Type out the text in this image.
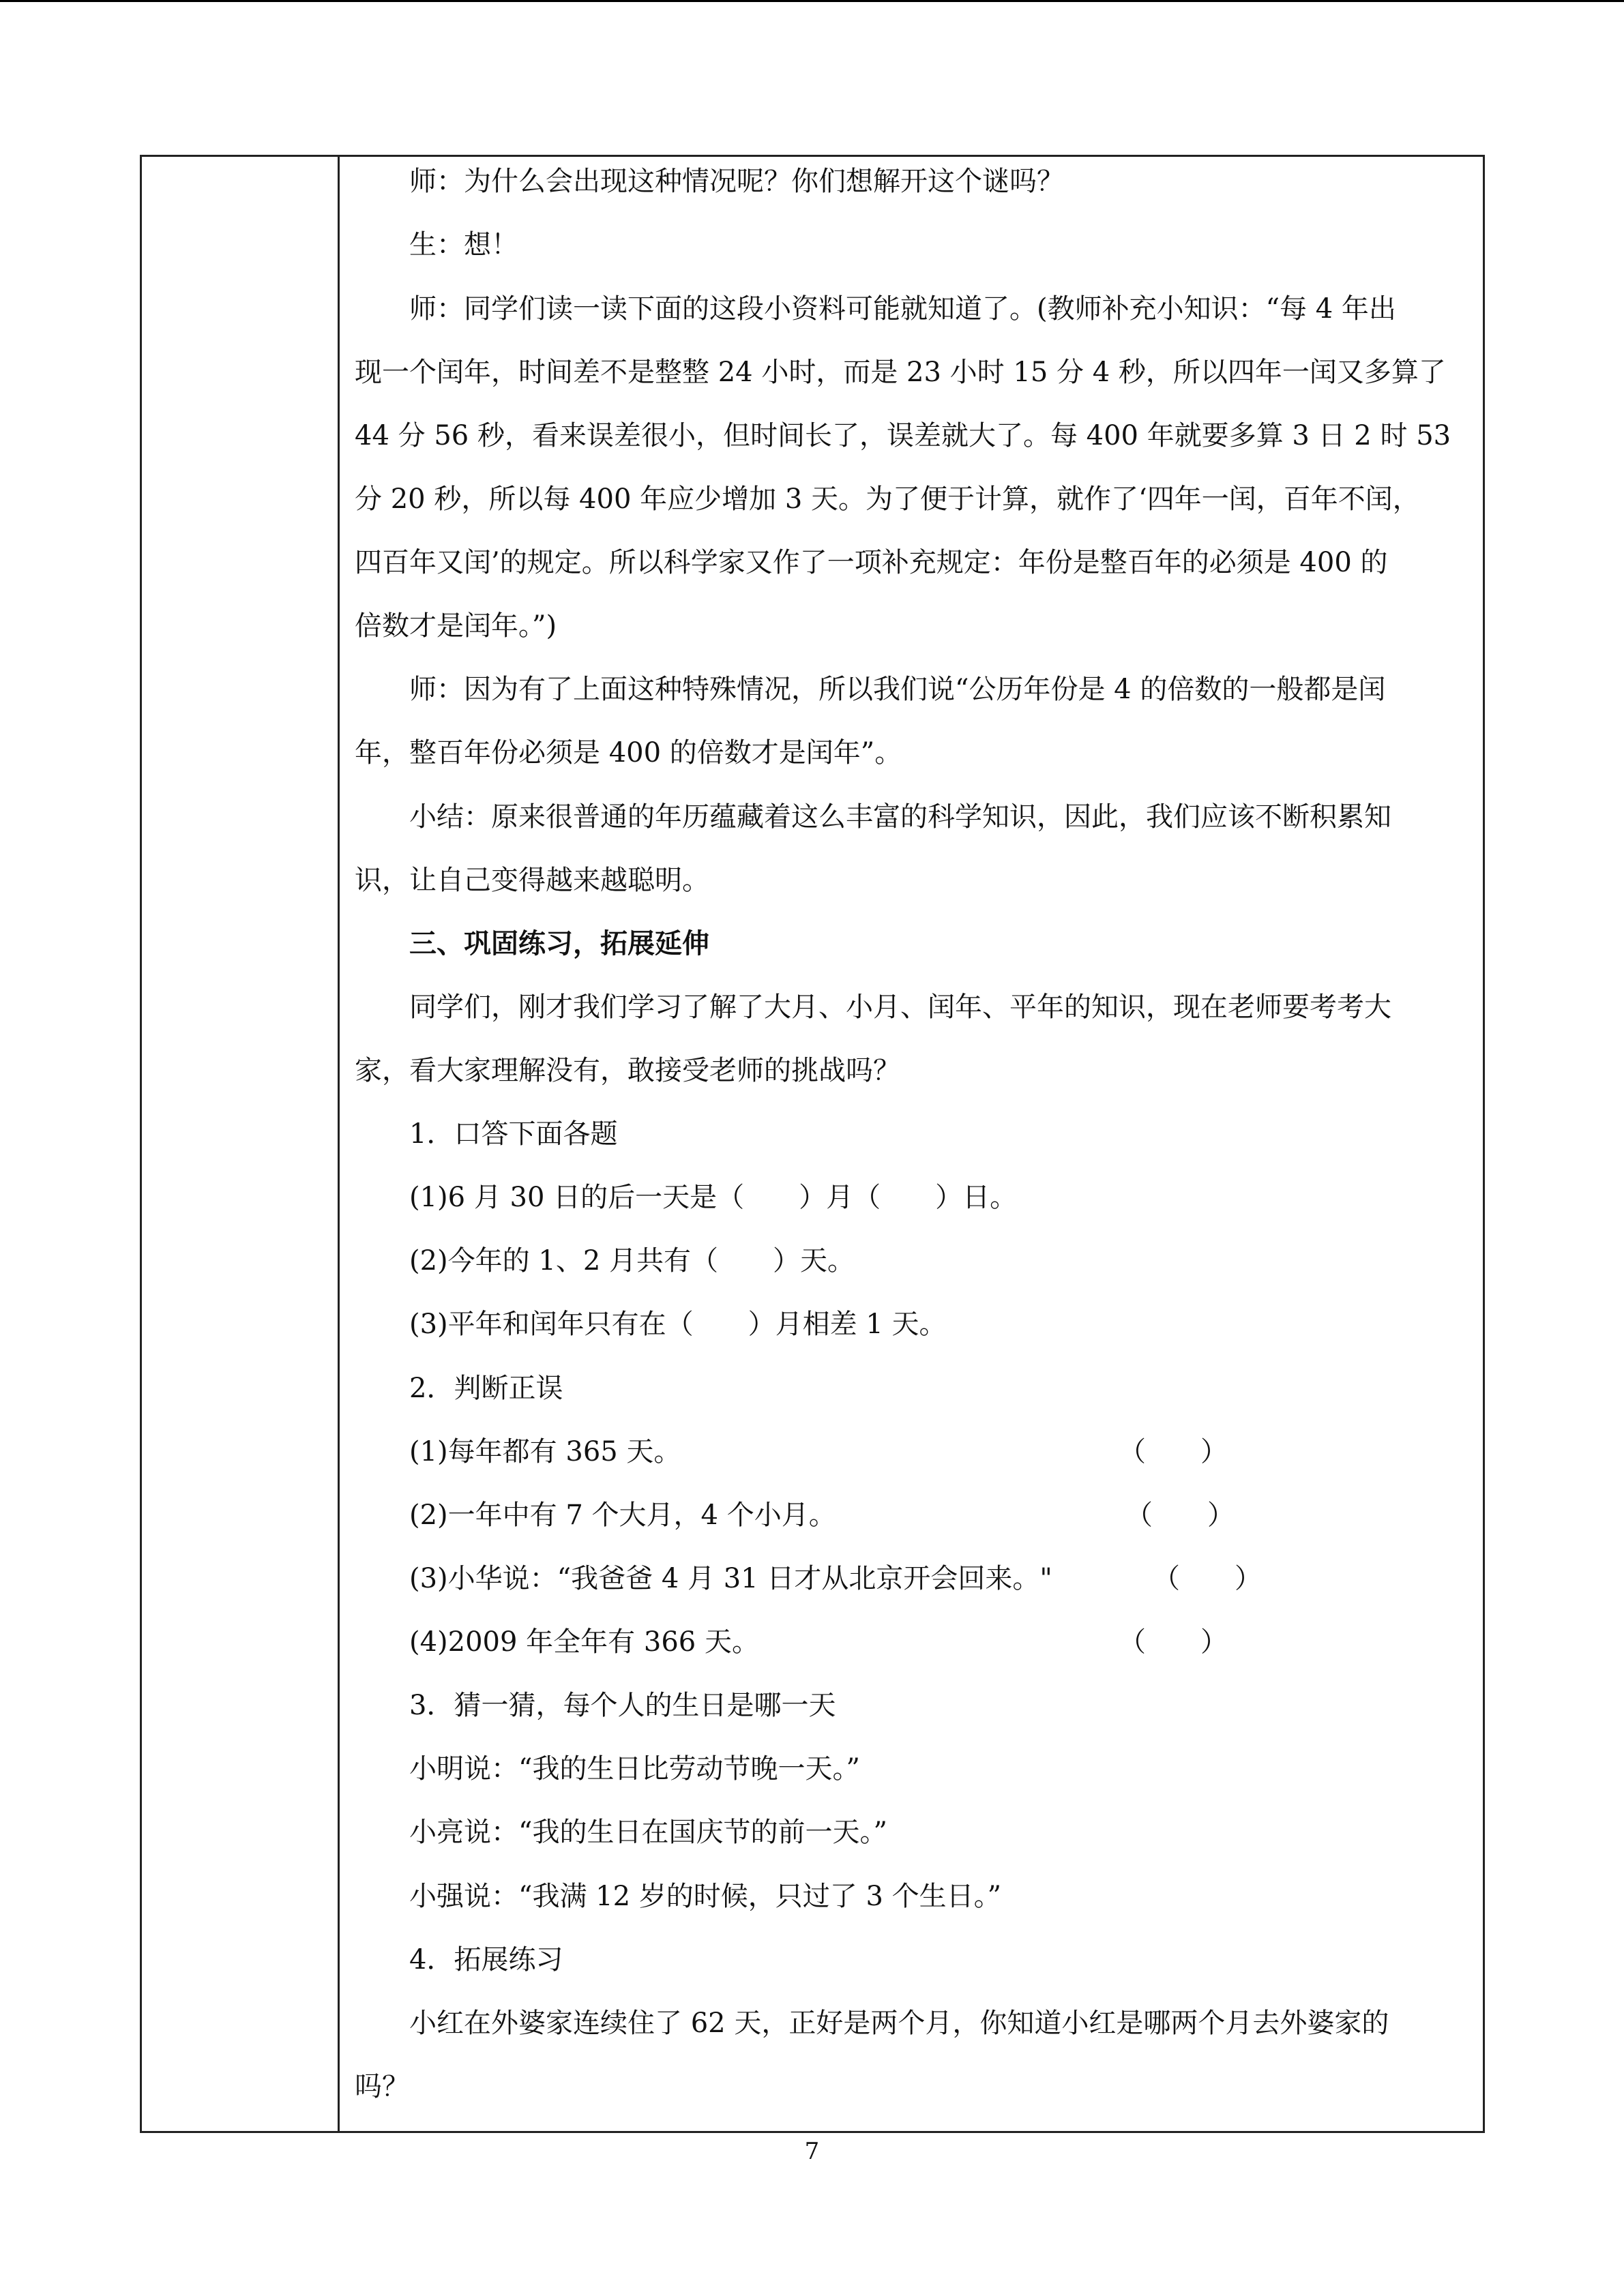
师：为什么会出现这种情况呢？你们想解开这个谜吗？
生：想！
师：同学们读一读下面的这段小资料可能就知道了。(教师补充小知识：“每 4 年出
现一个闰年，时间差不是整整 24 小时，而是 23 小时 15 分 4 秒，所以四年一闰又多算了
44 分 56 秒，看来误差很小，但时间长了，误差就大了。每 400 年就要多算 3 日 2 时 53
分 20 秒，所以每 400 年应少增加 3 天。为了便于计算，就作了‘四年一闰，百年不闰，
四百年又闰’的规定。所以科学家又作了一项补充规定：年份是整百年的必须是 400 的
倍数才是闰年。”)
师：因为有了上面这种特殊情况，所以我们说“公历年份是 4 的倍数的一般都是闰
年，整百年份必须是 400 的倍数才是闰年”。
小结：原来很普通的年历蕴藏着这么丰富的科学知识，因此，我们应该不断积累知
识，让自己变得越来越聪明。
三、巩固练习，拓展延伸
同学们，刚才我们学习了解了大月、小月、闰年、平年的知识，现在老师要考考大
家，看大家理解没有，敢接受老师的挑战吗？
1．口答下面各题
(1)6 月 30 日的后一天是（　　）月（　　）日。
(2)今年的 1、2 月共有（　　）天。
(3)平年和闰年只有在（　　）月相差 1 天。
2．判断正误
(1)每年都有 365 天。
(2)一年中有 7 个大月，4 个小月。
(3)小华说：“我爸爸 4 月 31 日才从北京开会回来。"
(4)2009 年全年有 366 天。
3．猜一猜，每个人的生日是哪一天
小明说：“我的生日比劳动节晚一天。”
小亮说：“我的生日在国庆节的前一天。”
小强说：“我满 12 岁的时候，只过了 3 个生日。”
4．拓展练习
小红在外婆家连续住了 62 天，正好是两个月，你知道小红是哪两个月去外婆家的
吗？
（　　）
（　　）
（　　）
（　　）
7
